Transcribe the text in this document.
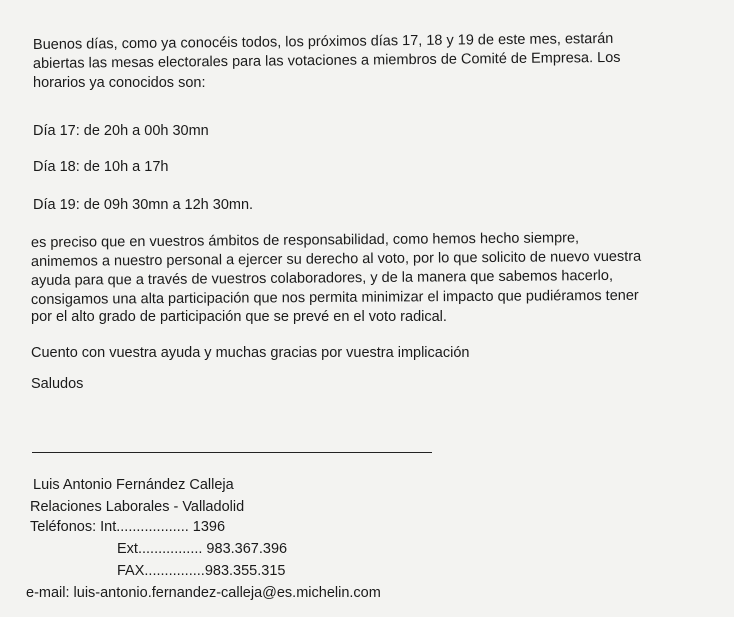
Buenos días, como ya conocéis todos, los próximos días 17, 18 y 19 de este mes, estarán
abiertas las mesas electorales para las votaciones a miembros de Comité de Empresa. Los
horarios ya conocidos son:
Día 17: de 20h a 00h 30mn
Día 18: de 10h a 17h
Día 19: de 09h 30mn a 12h 30mn.
es preciso que en vuestros ámbitos de responsabilidad, como hemos hecho siempre,
animemos a nuestro personal a ejercer su derecho al voto, por lo que solicito de nuevo vuestra
ayuda para que a través de vuestros colaboradores, y de la manera que sabemos hacerlo,
consigamos una alta participación que nos permita minimizar el impacto que pudiéramos tener
por el alto grado de participación que se prevé en el voto radical.
Cuento con vuestra ayuda y muchas gracias por vuestra implicación
Saludos
Luis Antonio Fernández Calleja
Relaciones Laborales - Valladolid
Teléfonos: Int.................. 1396
Ext................ 983.367.396
FAX...............983.355.315
e-mail: luis-antonio.fernandez-calleja@es.michelin.com
